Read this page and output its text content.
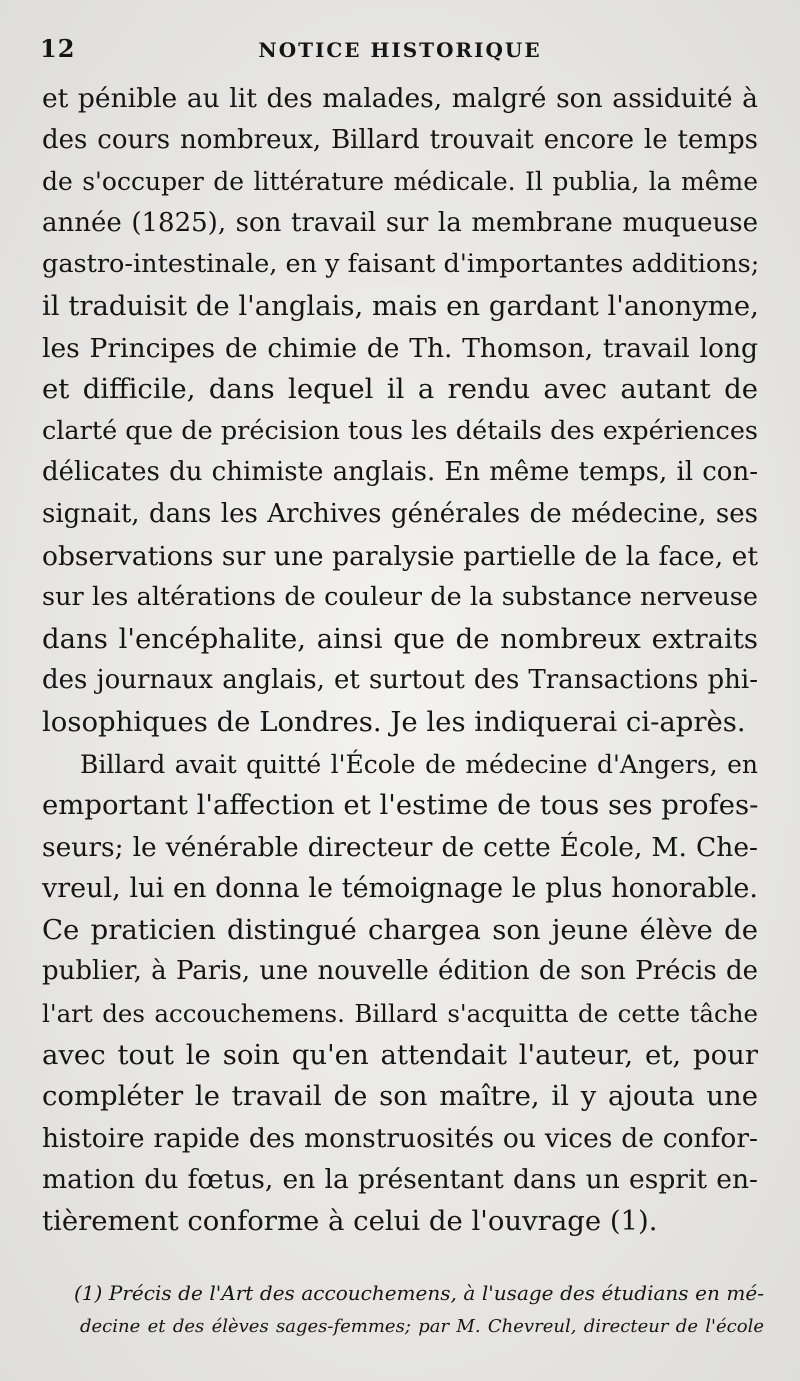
12	NOTICE HISTORIQUE
et pénible au lit des malades, malgré son assiduité à
des cours nombreux, Billard trouvait encore le temps
de s'occuper de littérature médicale. Il publia, la même
année (1825), son travail sur la membrane muqueuse
gastro-intestinale, en y faisant d'importantes additions;
il traduisit de l'anglais, mais en gardant l'anonyme,
les Principes de chimie de Th. Thomson, travail long
et difficile, dans lequel il a rendu avec autant de
clarté que de précision tous les détails des expériences
délicates du chimiste anglais. En même temps, il con-
signait, dans les Archives générales de médecine, ses
observations sur une paralysie partielle de la face, et
sur les altérations de couleur de la substance nerveuse
dans l'encéphalite, ainsi que de nombreux extraits
des journaux anglais, et surtout des Transactions phi-
losophiques de Londres. Je les indiquerai ci-après.
Billard avait quitté l'École de médecine d'Angers, en
emportant l'affection et l'estime de tous ses profes-
seurs; le vénérable directeur de cette École, M. Che-
vreul, lui en donna le témoignage le plus honorable.
Ce praticien distingué chargea son jeune élève de
publier, à Paris, une nouvelle édition de son Précis de
l'art des accouchemens. Billard s'acquitta de cette tâche
avec tout le soin qu'en attendait l'auteur, et, pour
compléter le travail de son maître, il y ajouta une
histoire rapide des monstruosités ou vices de confor-
mation du fœtus, en la présentant dans un esprit en-
tièrement conforme à celui de l'ouvrage (1).
(1) Précis de l'Art des accouchemens, à l'usage des étudians en mé-
decine et des élèves sages-femmes; par M. Chevreul, directeur de l'école
